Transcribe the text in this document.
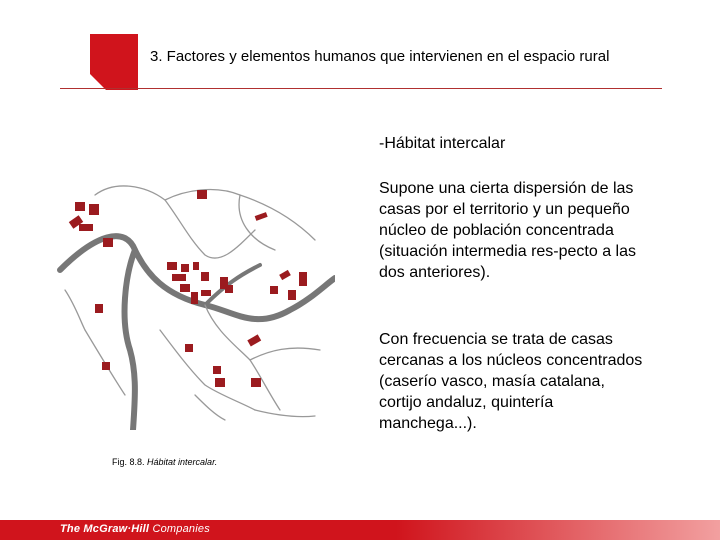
3. Factores y elementos humanos que intervienen en el espacio rural
Fig. 8.8. Hábitat intercalar.
-Hábitat intercalar
Supone una cierta dispersión de las casas por el territorio y un pequeño núcleo de población concentrada (situación intermedia res-pecto a las dos anteriores).
Con frecuencia se trata de casas cercanas a los núcleos concentrados (caserío vasco, masía catalana, cortijo andaluz, quintería manchega...).
The McGraw·Hill Companies
